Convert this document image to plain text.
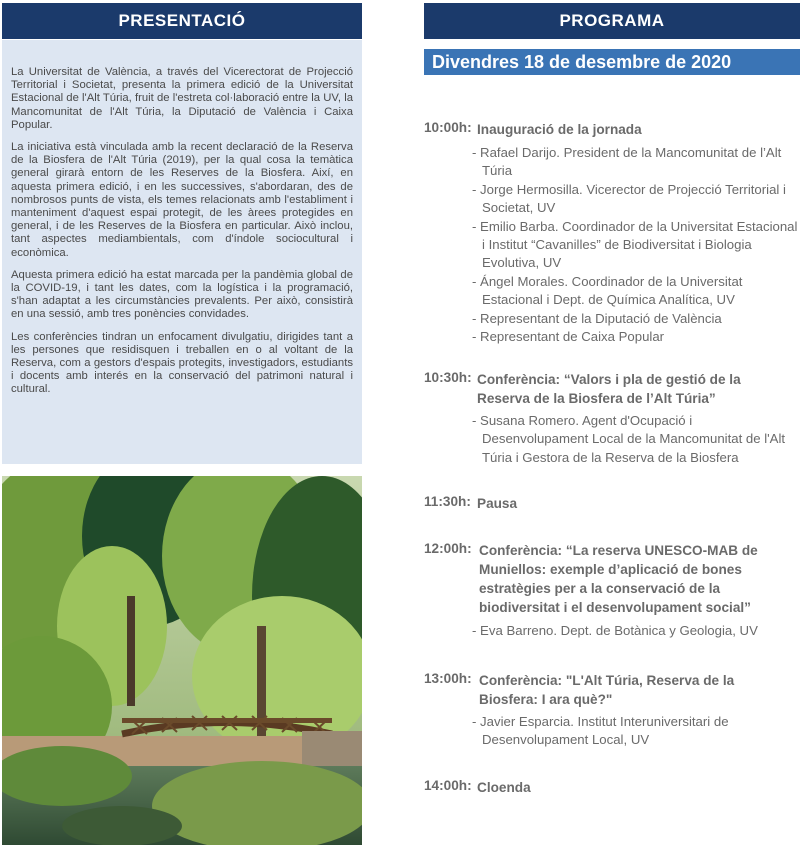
PRESENTACIÓ

La Universitat de València, a través del Vicerectorat de Projecció Territorial i Societat, presenta la primera edició de la Universitat Estacional de l'Alt Túria, fruit de l'estreta col·laboració entre la UV, la Mancomunitat de l'Alt Túria, la Diputació de València i Caixa Popular.

La iniciativa està vinculada amb la recent declaració de la Reserva de la Biosfera de l'Alt Túria (2019), per la qual cosa la temàtica general girarà entorn de les Reserves de la Biosfera. Així, en aquesta primera edició, i en les successives, s'abordaran, des de nombrosos punts de vista, els temes relacionats amb l'establiment i manteniment d'aquest espai protegit, de les àrees protegides en general, i de les Reserves de la Biosfera en particular. Això inclou, tant aspectes mediambientals, com d'índole sociocultural i econòmica.

Aquesta primera edició ha estat marcada per la pandèmia global de la COVID-19, i tant les dates, com la logística i la programació, s'han adaptat a les circumstàncies prevalents. Per això, consistirà en una sessió, amb tres ponències convidades.

Les conferències tindran un enfocament divulgatiu, dirigides tant a les persones que residisquen i treballen en o al voltant de la Reserva, com a gestors d'espais protegits, investigadors, estudiants i docents amb interés en la conservació del patrimoni natural i cultural.

PROGRAMA
Divendres 18 de desembre de 2020
10:00h: Inauguració de la jornada
- Rafael Darijo. President de la Mancomunitat de l’Alt Túria
- Jorge Hermosilla. Vicerector de Projecció Territorial i Societat, UV
- Emilio Barba. Coordinador de la Universitat Estacional i Institut “Cavanilles” de Biodiversitat i Biologia Evolutiva, UV
- Ángel Morales. Coordinador de la Universitat Estacional i Dept. de Química Analítica, UV
- Representant de la Diputació de València
- Representant de Caixa Popular
10:30h: Conferència: “Valors i pla de gestió de la Reserva de la Biosfera de l’Alt Túria”
- Susana Romero. Agent d'Ocupació i Desenvolupament Local de la Mancomunitat de l'Alt Túria i Gestora de la Reserva de la Biosfera
11:30h: Pausa
12:00h: Conferència: “La reserva UNESCO-MAB de Muniellos: exemple d’aplicació de bones estratègies per a la conservació de la biodiversitat i el desenvolupament social”
- Eva Barreno. Dept. de Botànica y Geologia, UV
13:00h: Conferència: "L'Alt Túria, Reserva de la Biosfera: I ara què?"
- Javier Esparcia. Institut Interuniversitari de Desenvolupament Local, UV
14:00h: Cloenda
